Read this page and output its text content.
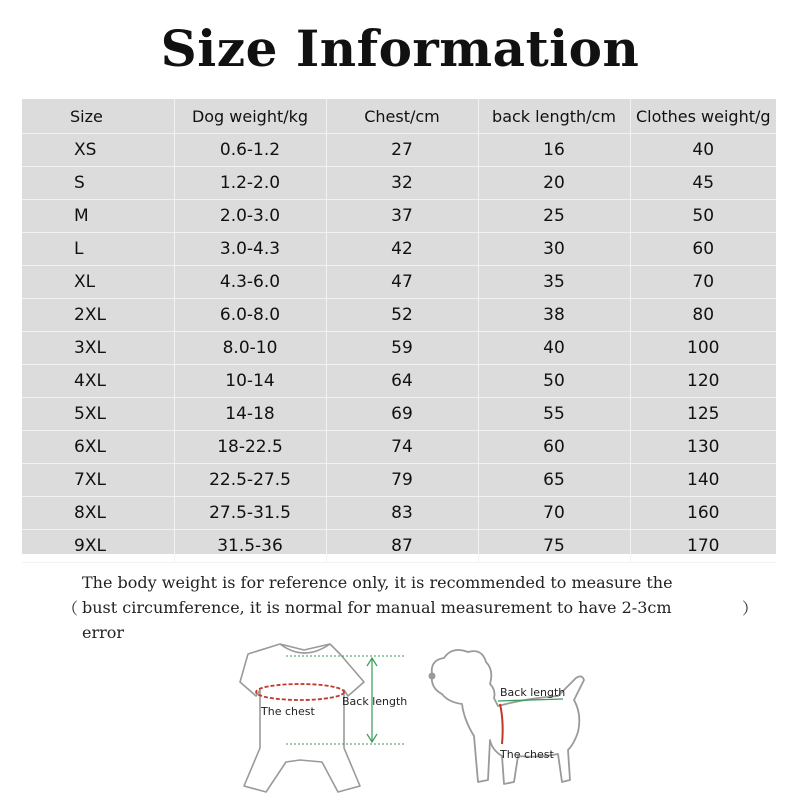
Size Information
Size	Dog weight/kg	Chest/cm	back length/cm	Clothes weight/g
XS	0.6-1.2	27	16	40
S	1.2-2.0	32	20	45
M	2.0-3.0	37	25	50
L	3.0-4.3	42	30	60
XL	4.3-6.0	47	35	70
2XL	6.0-8.0	52	38	80
3XL	8.0-10	59	40	100
4XL	10-14	64	50	120
5XL	14-18	69	55	125
6XL	18-22.5	74	60	130
7XL	22.5-27.5	79	65	140
8XL	27.5-31.5	83	70	160
9XL	31.5-36	87	75	170
（
The body weight is for reference only, it is recommended to measure the
bust circumference, it is normal for manual measurement to have 2-3cm
error
）
The chest
Back length
Back length
The chest
